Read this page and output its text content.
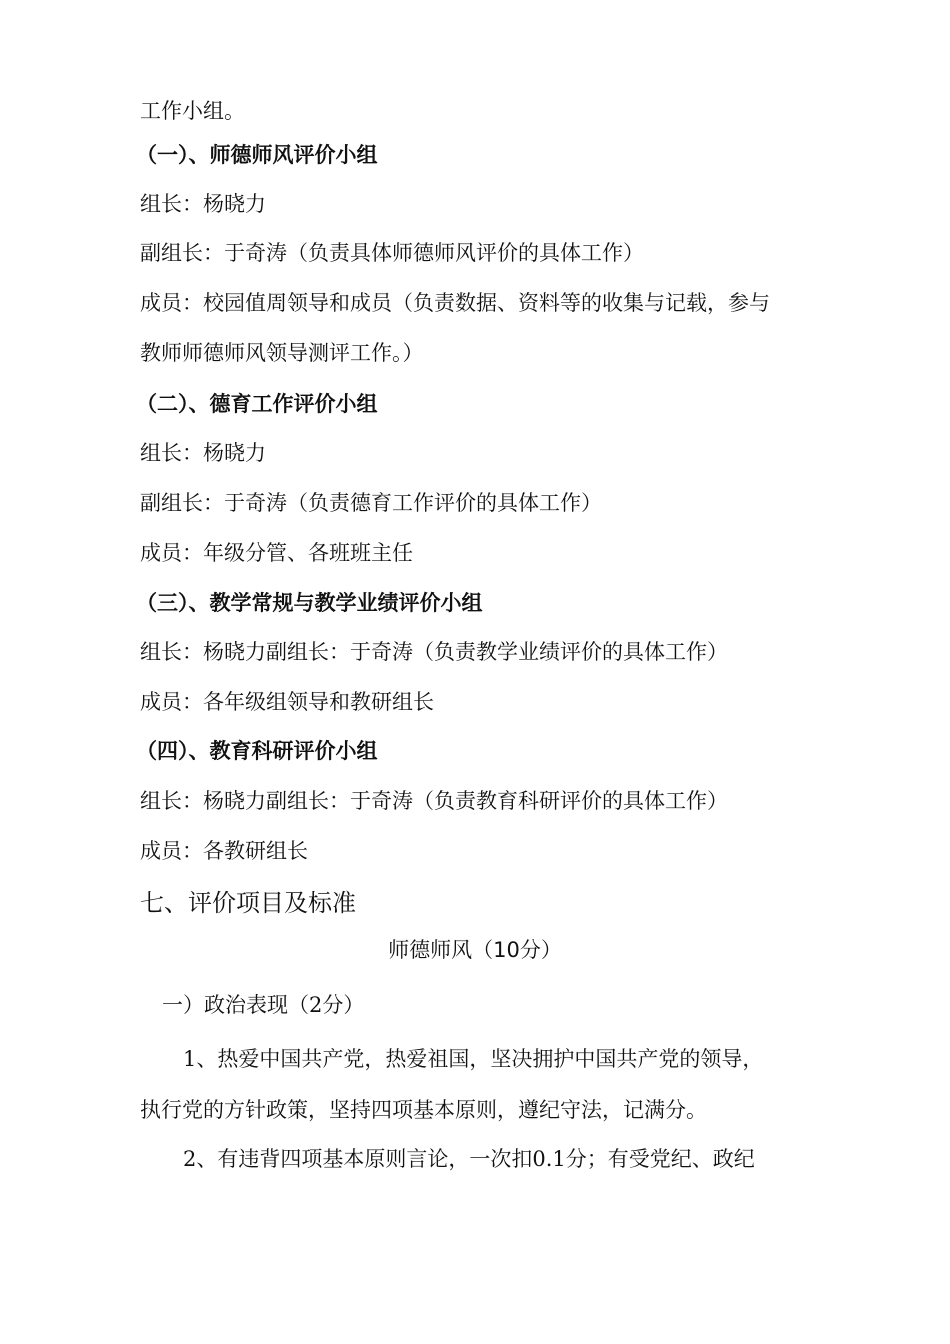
工作小组。
（一）、师德师风评价小组
组长：杨晓力
副组长：于奇涛（负责具体师德师风评价的具体工作）
成员：校园值周领导和成员（负责数据、资料等的收集与记载，参与
教师师德师风领导测评工作。）
（二）、德育工作评价小组
组长：杨晓力
副组长：于奇涛（负责德育工作评价的具体工作）
成员：年级分管、各班班主任
（三）、教学常规与教学业绩评价小组
组长：杨晓力副组长：于奇涛（负责教学业绩评价的具体工作）
成员：各年级组领导和教研组长
（四）、教育科研评价小组
组长：杨晓力副组长：于奇涛（负责教育科研评价的具体工作）
成员：各教研组长
七、评价项目及标准
师德师风（10分）
一）政治表现（2分）
1、热爱中国共产党，热爱祖国，坚决拥护中国共产党的领导，
执行党的方针政策，坚持四项基本原则，遵纪守法，记满分。
2、有违背四项基本原则言论，一次扣0.1分；有受党纪、政纪
